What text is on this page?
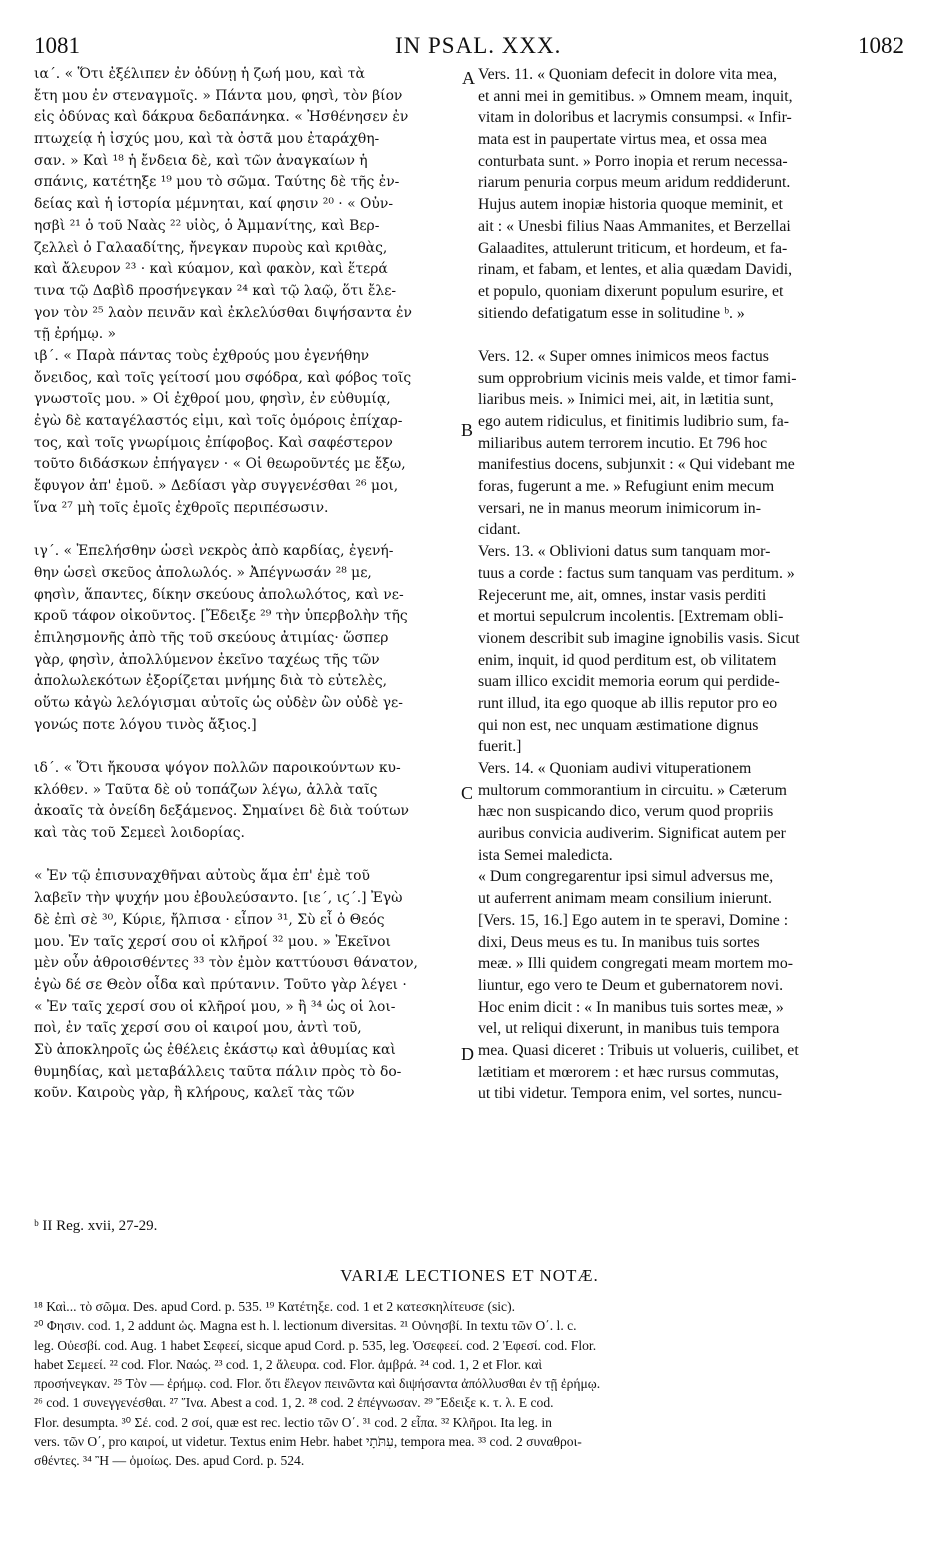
1081	IN PSAL. XXX.	1082
ια΄. « Ὅτι ἐξέλιπεν ἐν ὀδύνῃ ἡ ζωή μου, καὶ τὰ
ἔτη μου ἐν στεναγμοῖς. » Πάντα μου, φησὶ, τὸν βίον
εἰς ὀδύνας καὶ δάκρυα δεδαπάνηκα. « Ἠσθένησεν ἐν
πτωχείᾳ ἡ ἰσχύς μου, καὶ τὰ ὀστᾶ μου ἐταράχθη-
σαν. » Καὶ ¹⁸ ἡ ἔνδεια δὲ, καὶ τῶν ἀναγκαίων ἡ
σπάνις, κατέτηξε ¹⁹ μου τὸ σῶμα. Ταύτης δὲ τῆς ἐν-
δείας καὶ ἡ ἱστορία μέμνηται, καί φησιν ²⁰ · « Οὐν-
ησβὶ ²¹ ὁ τοῦ Ναὰς ²² υἱὸς, ὁ Ἀμμανίτης, καὶ Βερ-
ζελλεὶ ὁ Γαλααδίτης, ἤνεγκαν πυροὺς καὶ κριθὰς,
καὶ ἄλευρον ²³ · καὶ κύαμον, καὶ φακὸν, καὶ ἕτερά
τινα τῷ Δαβὶδ προσήνεγκαν ²⁴ καὶ τῷ λαῷ, ὅτι ἔλε-
γον τὸν ²⁵ λαὸν πεινᾶν καὶ ἐκλελύσθαι διψήσαντα ἐν
τῇ ἐρήμῳ. »
ιβ΄. « Παρὰ πάντας τοὺς ἐχθρούς μου ἐγενήθην
ὄνειδος, καὶ τοῖς γείτοσί μου σφόδρα, καὶ φόβος τοῖς
γνωστοῖς μου. » Οἱ ἐχθροί μου, φησὶν, ἐν εὐθυμίᾳ,
ἐγὼ δὲ καταγέλαστός εἰμι, καὶ τοῖς ὁμόροις ἐπίχαρ-
τος, καὶ τοῖς γνωρίμοις ἐπίφοβος. Καὶ σαφέστερον
τοῦτο διδάσκων ἐπήγαγεν · « Οἱ θεωροῦντές με ἔξω,
ἔφυγον ἀπ' ἐμοῦ. » Δεδίασι γὰρ συγγενέσθαι ²⁶ μοι,
ἵνα ²⁷ μὴ τοῖς ἐμοῖς ἐχθροῖς περιπέσωσιν.
ιγ΄. « Ἐπελήσθην ὡσεὶ νεκρὸς ἀπὸ καρδίας, ἐγενή-
θην ὡσεὶ σκεῦος ἀπολωλός. » Ἀπέγνωσάν ²⁸ με,
φησὶν, ἅπαντες, δίκην σκεύους ἀπολωλότος, καὶ νε-
κροῦ τάφον οἰκοῦντος. [Ἔδειξε ²⁹ τὴν ὑπερβολὴν τῆς
ἐπιλησμονῆς ἀπὸ τῆς τοῦ σκεύους ἀτιμίας· ὥσπερ
γὰρ, φησὶν, ἀπολλύμενον ἐκεῖνο ταχέως τῆς τῶν
ἀπολωλεκότων ἐξορίζεται μνήμης διὰ τὸ εὐτελὲς,
οὕτω κἀγὼ λελόγισμαι αὐτοῖς ὡς οὐδὲν ὢν οὐδὲ γε-
γονώς ποτε λόγου τινὸς ἄξιος.]
ιδ΄. « Ὅτι ἤκουσα ψόγον πολλῶν παροικούντων κυ-
κλόθεν. » Ταῦτα δὲ οὐ τοπάζων λέγω, ἀλλὰ ταῖς
ἀκοαῖς τὰ ὀνείδη δεξάμενος. Σημαίνει δὲ διὰ τούτων
καὶ τὰς τοῦ Σεμεεὶ λοιδορίας.
« Ἐν τῷ ἐπισυναχθῆναι αὐτοὺς ἅμα ἐπ' ἐμὲ τοῦ
λαβεῖν τὴν ψυχήν μου ἐβουλεύσαντο. [ιε΄, ιϛ΄.] Ἐγὼ
δὲ ἐπὶ σὲ ³⁰, Κύριε, ἤλπισα · εἶπον ³¹, Σὺ εἶ ὁ Θεός
μου. Ἐν ταῖς χερσί σου οἱ κλῆροί ³² μου. » Ἐκεῖνοι
μὲν οὖν ἀθροισθέντες ³³ τὸν ἐμὸν καττύουσι θάνατον,
ἐγὼ δέ σε Θεὸν οἶδα καὶ πρύτανιν. Τοῦτο γὰρ λέγει ·
« Ἐν ταῖς χερσί σου οἱ κλῆροί μου, » ἢ ³⁴ ὡς οἱ λοι-
ποὶ, ἐν ταῖς χερσί σου οἱ καιροί μου, ἀντὶ τοῦ,
Σὺ ἀποκληροῖς ὡς ἐθέλεις ἑκάστῳ καὶ ἀθυμίας καὶ
θυμηδίας, καὶ μεταβάλλεις ταῦτα πάλιν πρὸς τὸ δο-
κοῦν. Καιροὺς γὰρ, ἢ κλήρους, καλεῖ τὰς τῶν
Vers. 11. « Quoniam defecit in dolore vita mea,
et anni mei in gemitibus. » Omnem meam, inquit,
vitam in doloribus et lacrymis consumpsi. « Infir-
mata est in paupertate virtus mea, et ossa mea
conturbata sunt. » Porro inopia et rerum necessa-
riarum penuria corpus meum aridum reddiderunt.
Hujus autem inopiæ historia quoque meminit, et
ait : « Unesbi filius Naas Ammanites, et Berzellai
Galaadites, attulerunt triticum, et hordeum, et fa-
rinam, et fabam, et lentes, et alia quædam Davidi,
et populo, quoniam dixerunt populum esurire, et
sitiendo defatigatum esse in solitudine ᵇ. »
Vers. 12. « Super omnes inimicos meos factus
sum opprobrium vicinis meis valde, et timor fami-
liaribus meis. » Inimici mei, ait, in lætitia sunt,
ego autem ridiculus, et finitimis ludibrio sum, fa-
miliaribus autem terrorem incutio. Et 796 hoc
manifestius docens, subjunxit : « Qui videbant me
foras, fugerunt a me. » Refugiunt enim mecum
versari, ne in manus meorum inimicorum in-
cidant.
Vers. 13. « Oblivioni datus sum tanquam mor-
tuus a corde : factus sum tanquam vas perditum. »
Rejecerunt me, ait, omnes, instar vasis perditi
et mortui sepulcrum incolentis. [Extremam obli-
vionem describit sub imagine ignobilis vasis. Sicut
enim, inquit, id quod perditum est, ob vilitatem
suam illico excidit memoria eorum qui perdide-
runt illud, ita ego quoque ab illis reputor pro eo
qui non est, nec unquam æstimatione dignus
fuerit.]
Vers. 14. « Quoniam audivi vituperationem
multorum commorantium in circuitu. » Cæterum
hæc non suspicando dico, verum quod propriis
auribus convicia audiverim. Significat autem per
ista Semei maledicta.
« Dum congregarentur ipsi simul adversus me,
ut auferrent animam meam consilium inierunt.
[Vers. 15, 16.] Ego autem in te speravi, Domine :
dixi, Deus meus es tu. In manibus tuis sortes
meæ. » Illi quidem congregati meam mortem mo-
liuntur, ego vero te Deum et gubernatorem novi.
Hoc enim dicit : « In manibus tuis sortes meæ, »
vel, ut reliqui dixerunt, in manibus tuis tempora
mea. Quasi diceret : Tribuis ut volueris, cuilibet, et
lætitiam et mœrorem : et hæc rursus commutas,
ut tibi videtur. Tempora enim, vel sortes, nuncu-
A
B
C
D
ᵇ II Reg. xvii, 27-29.
VARIÆ LECTIONES ET NOTÆ.
¹⁸ Καὶ... τὸ σῶμα. Des. apud Cord. p. 535. ¹⁹ Κατέτηξε. cod. 1 et 2 κατεσκηλίτευσε (sic).
²⁰ Φησιν. cod. 1, 2 addunt ὡς. Magna est h. l. lectionum diversitas. ²¹ Οὐνησβί. In textu τῶν Ο΄. l. c.
leg. Οὐεσβί. cod. Aug. 1 habet Σεφεεί, sicque apud Cord. p. 535, leg. Ὀσεφεεί. cod. 2 Ἐφεσί. cod. Flor.
habet Σεμεεί. ²² cod. Flor. Ναώς. ²³ cod. 1, 2 ἄλευρα. cod. Flor. ἀμβρά. ²⁴ cod. 1, 2 et Flor. καὶ
προσήνεγκαν. ²⁵ Τὸν — ἐρήμῳ. cod. Flor. ὅτι ἔλεγον πεινῶντα καὶ διψήσαντα ἀπόλλυσθαι ἐν τῇ ἐρήμῳ.
²⁶ cod. 1 συνεγγενέσθαι. ²⁷ Ἵνα. Abest a cod. 1, 2. ²⁸ cod. 2 ἐπέγνωσαν. ²⁹ Ἔδειξε κ. τ. λ. E cod.
Flor. desumpta. ³⁰ Σέ. cod. 2 σοί, quæ est rec. lectio τῶν Ο΄. ³¹ cod. 2 εἶπα. ³² Κλῆροι. Ita leg. in
vers. τῶν Ο΄, pro καιροί, ut videtur. Textus enim Hebr. habet עִתֹּתָי, tempora mea. ³³ cod. 2 συναθροι-
σθέντες. ³⁴ Ἢ — ὁμοίως. Des. apud Cord. p. 524.
